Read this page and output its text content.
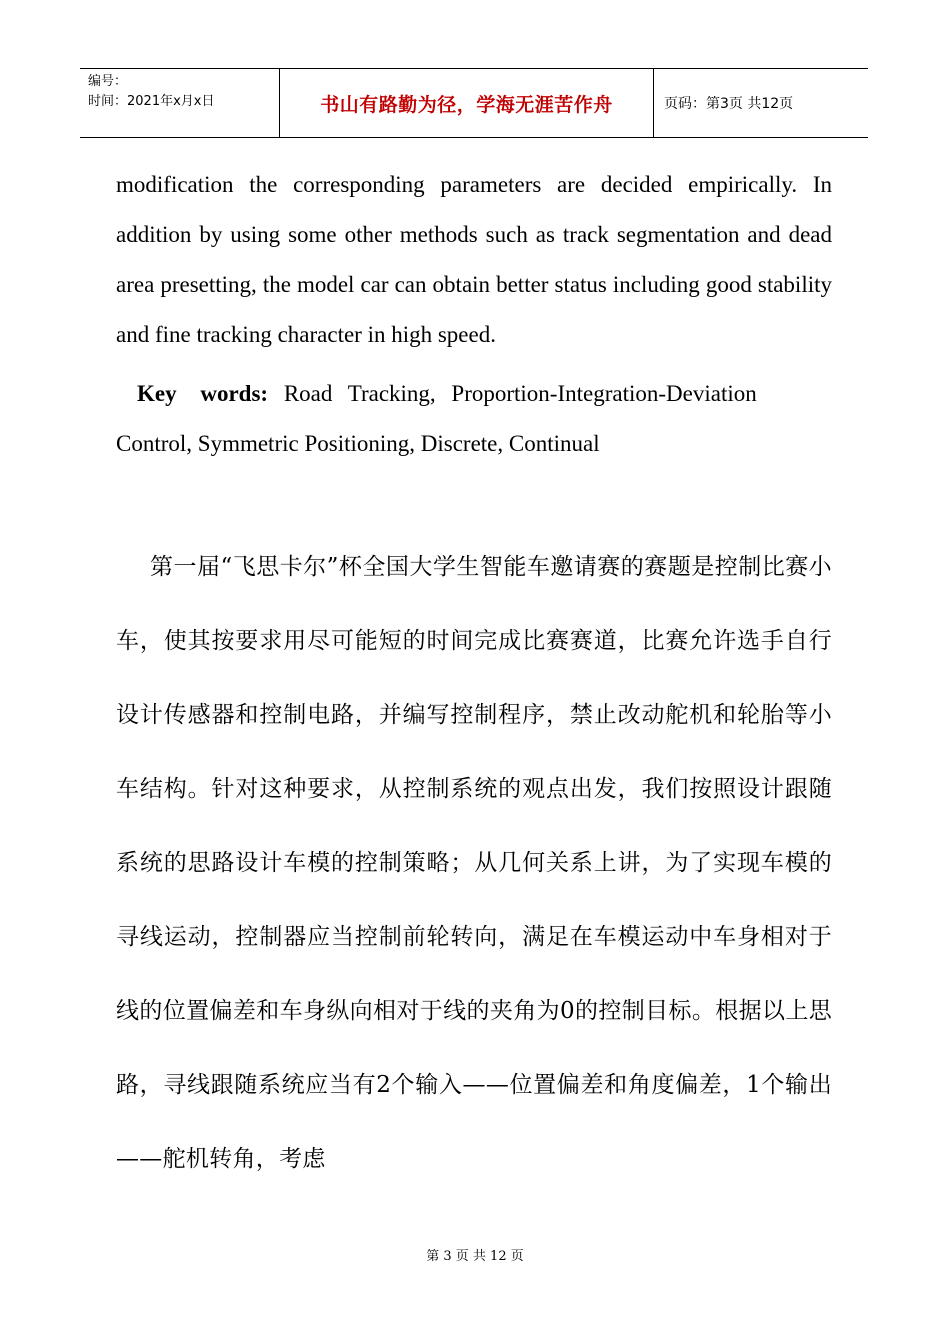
编号：
时间：2021年x月x日	书山有路勤为径，学海无涯苦作舟	页码：第3页 共12页

modification the corresponding parameters are decided empirically. In addition by using some other methods such as track segmentation and dead area presetting, the model car can obtain better status including good stability and fine tracking character in high speed.

Key words: Road Tracking, Proportion-Integration-Deviation
Control, Symmetric Positioning, Discrete, Continual

第一届“飞思卡尔”杯全国大学生智能车邀请赛的赛题是控制比赛小车，使其按要求用尽可能短的时间完成比赛赛道，比赛允许选手自行设计传感器和控制电路，并编写控制程序，禁止改动舵机和轮胎等小车结构。针对这种要求，从控制系统的观点出发，我们按照设计跟随系统的思路设计车模的控制策略；从几何关系上讲，为了实现车模的寻线运动，控制器应当控制前轮转向，满足在车模运动中车身相对于线的位置偏差和车身纵向相对于线的夹角为0的控制目标。根据以上思路，寻线跟随系统应当有2个输入——位置偏差和角度偏差，1个输出——舵机转角，考虑

第 3 页 共 12 页
